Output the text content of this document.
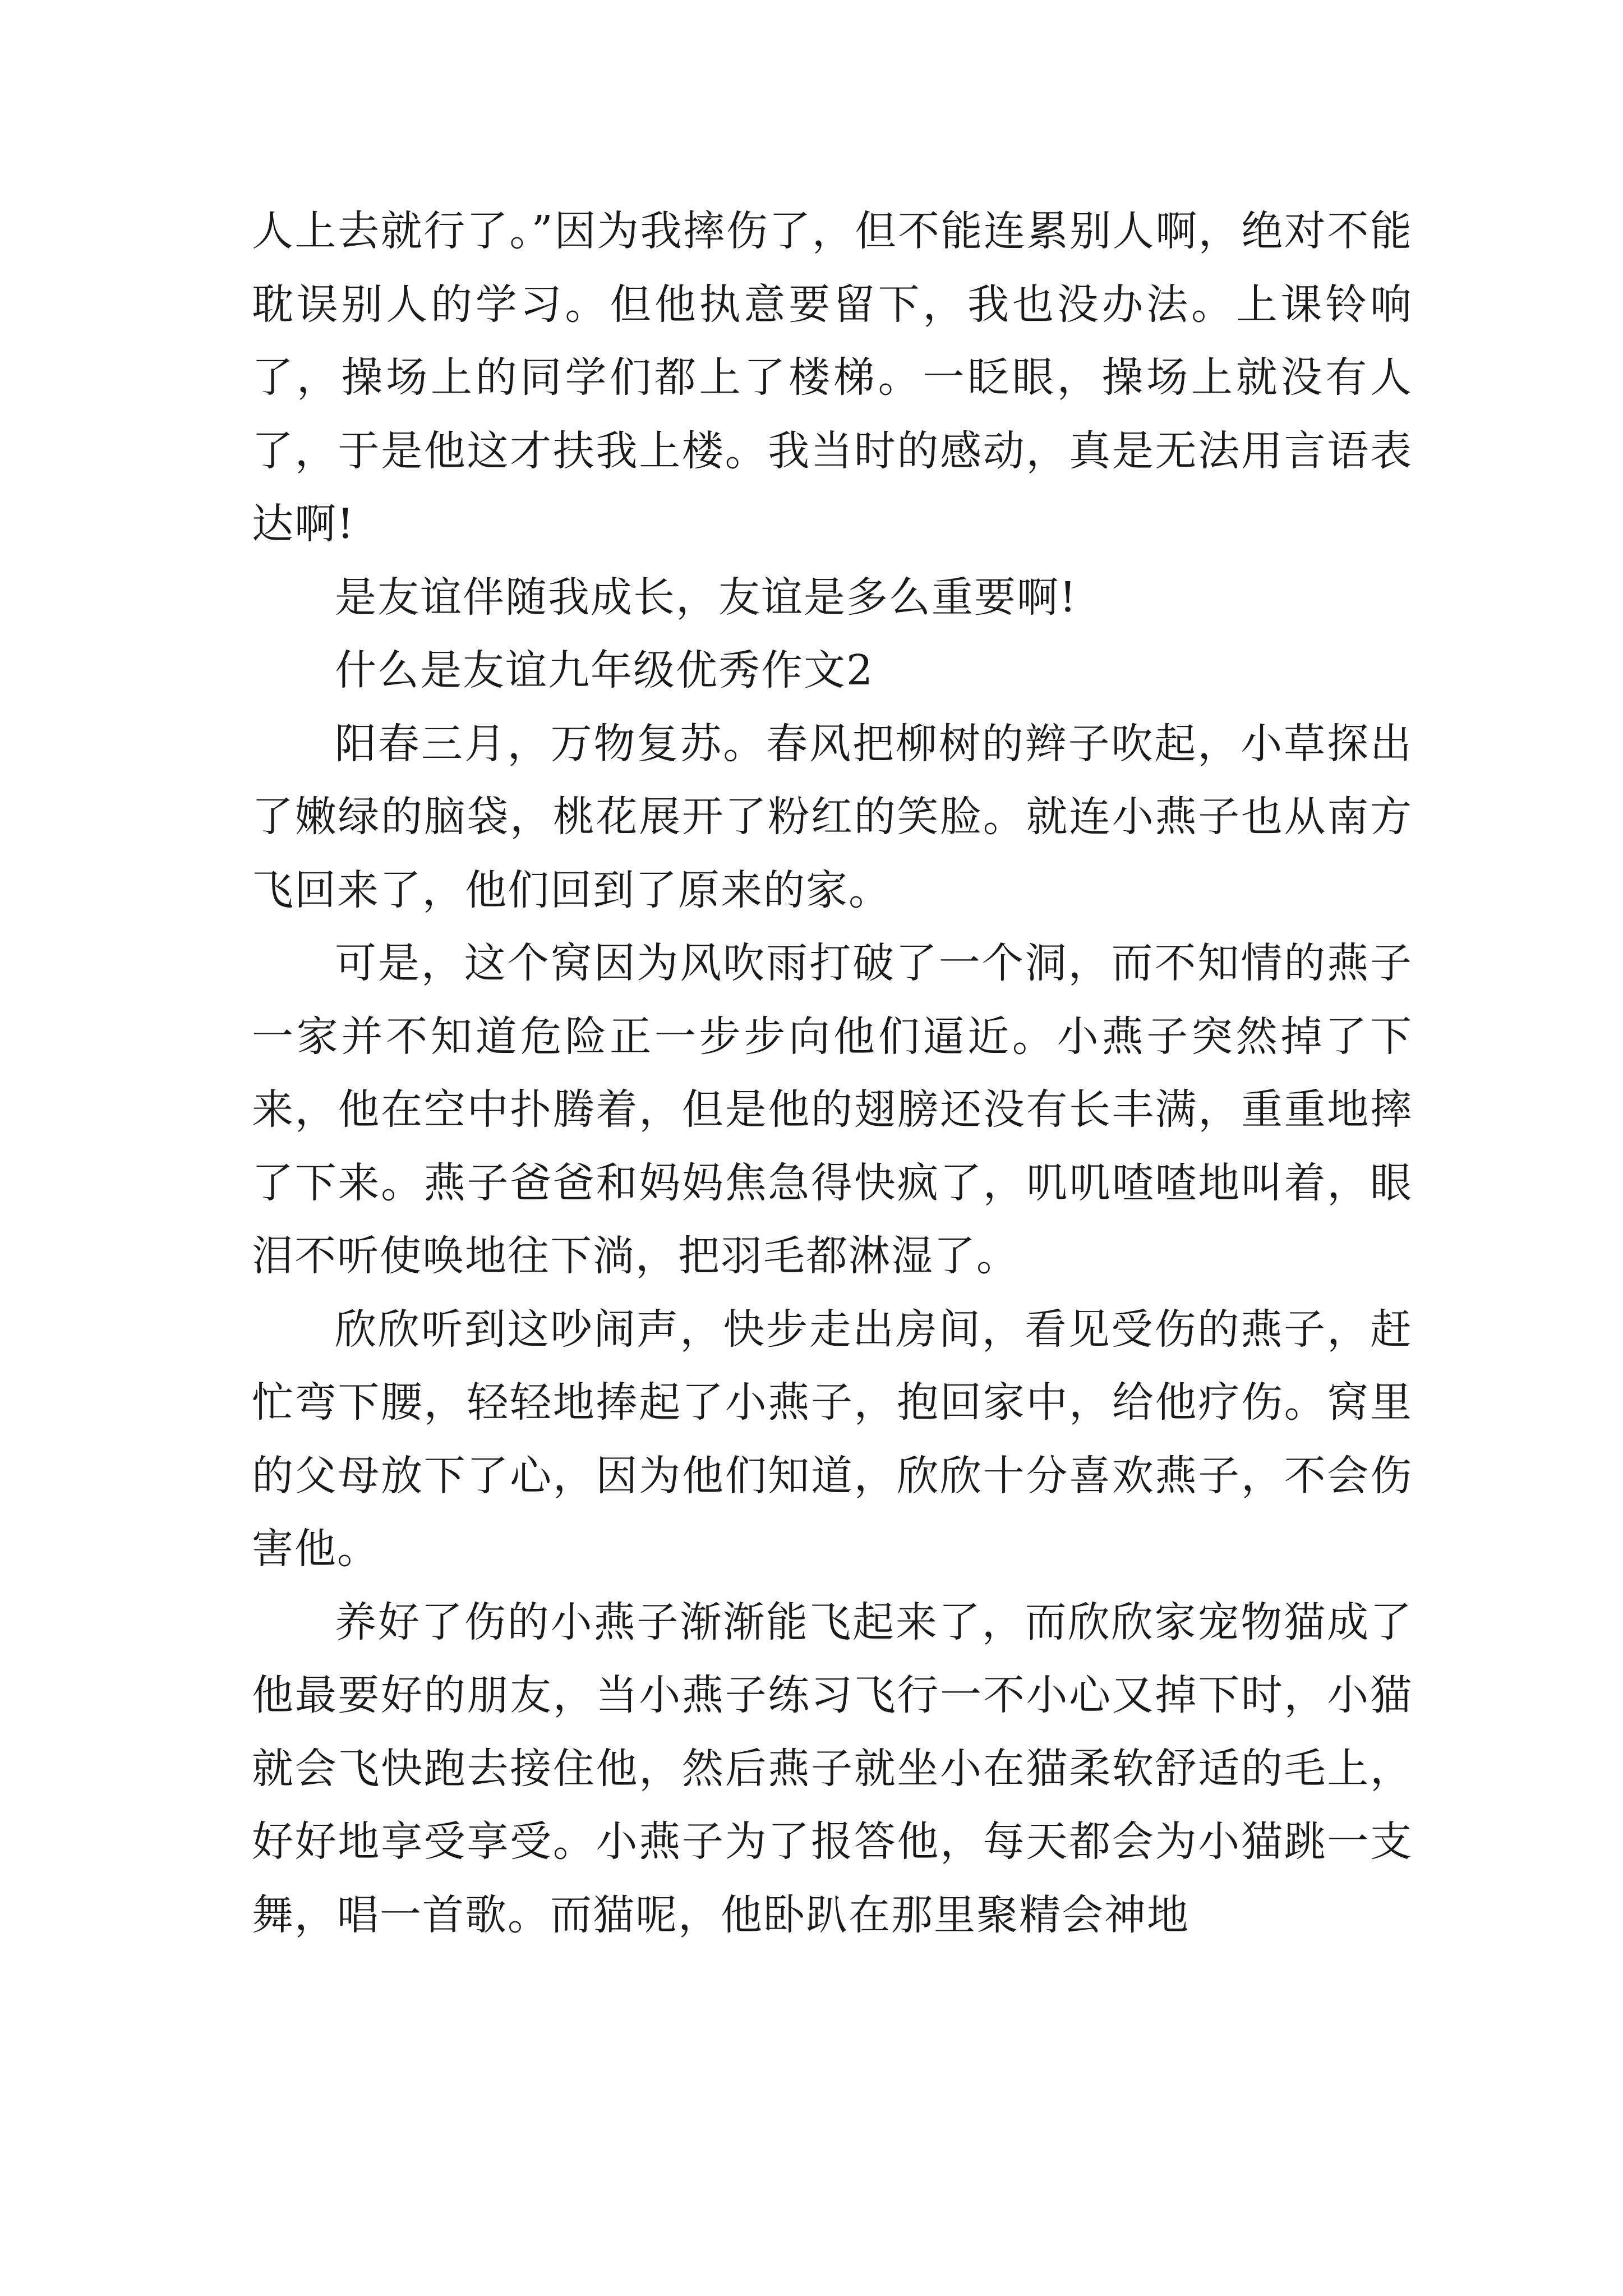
人上去就行了。”因为我摔伤了，但不能连累别人啊，绝对不能耽误别人的学习。但他执意要留下，我也没办法。上课铃响了，操场上的同学们都上了楼梯。一眨眼，操场上就没有人了，于是他这才扶我上楼。我当时的感动，真是无法用言语表达啊!

是友谊伴随我成长，友谊是多么重要啊!

什么是友谊九年级优秀作文2

阳春三月，万物复苏。春风把柳树的辫子吹起，小草探出了嫩绿的脑袋，桃花展开了粉红的笑脸。就连小燕子也从南方飞回来了，他们回到了原来的家。

可是，这个窝因为风吹雨打破了一个洞，而不知情的燕子一家并不知道危险正一步步向他们逼近。小燕子突然掉了下来，他在空中扑腾着，但是他的翅膀还没有长丰满，重重地摔了下来。燕子爸爸和妈妈焦急得快疯了，叽叽喳喳地叫着，眼泪不听使唤地往下淌，把羽毛都淋湿了。

欣欣听到这吵闹声，快步走出房间，看见受伤的燕子，赶忙弯下腰，轻轻地捧起了小燕子，抱回家中，给他疗伤。窝里的父母放下了心，因为他们知道，欣欣十分喜欢燕子，不会伤害他。

养好了伤的小燕子渐渐能飞起来了，而欣欣家宠物猫成了他最要好的朋友，当小燕子练习飞行一不小心又掉下时，小猫就会飞快跑去接住他，然后燕子就坐小在猫柔软舒适的毛上，好好地享受享受。小燕子为了报答他，每天都会为小猫跳一支舞，唱一首歌。而猫呢，他卧趴在那里聚精会神地
